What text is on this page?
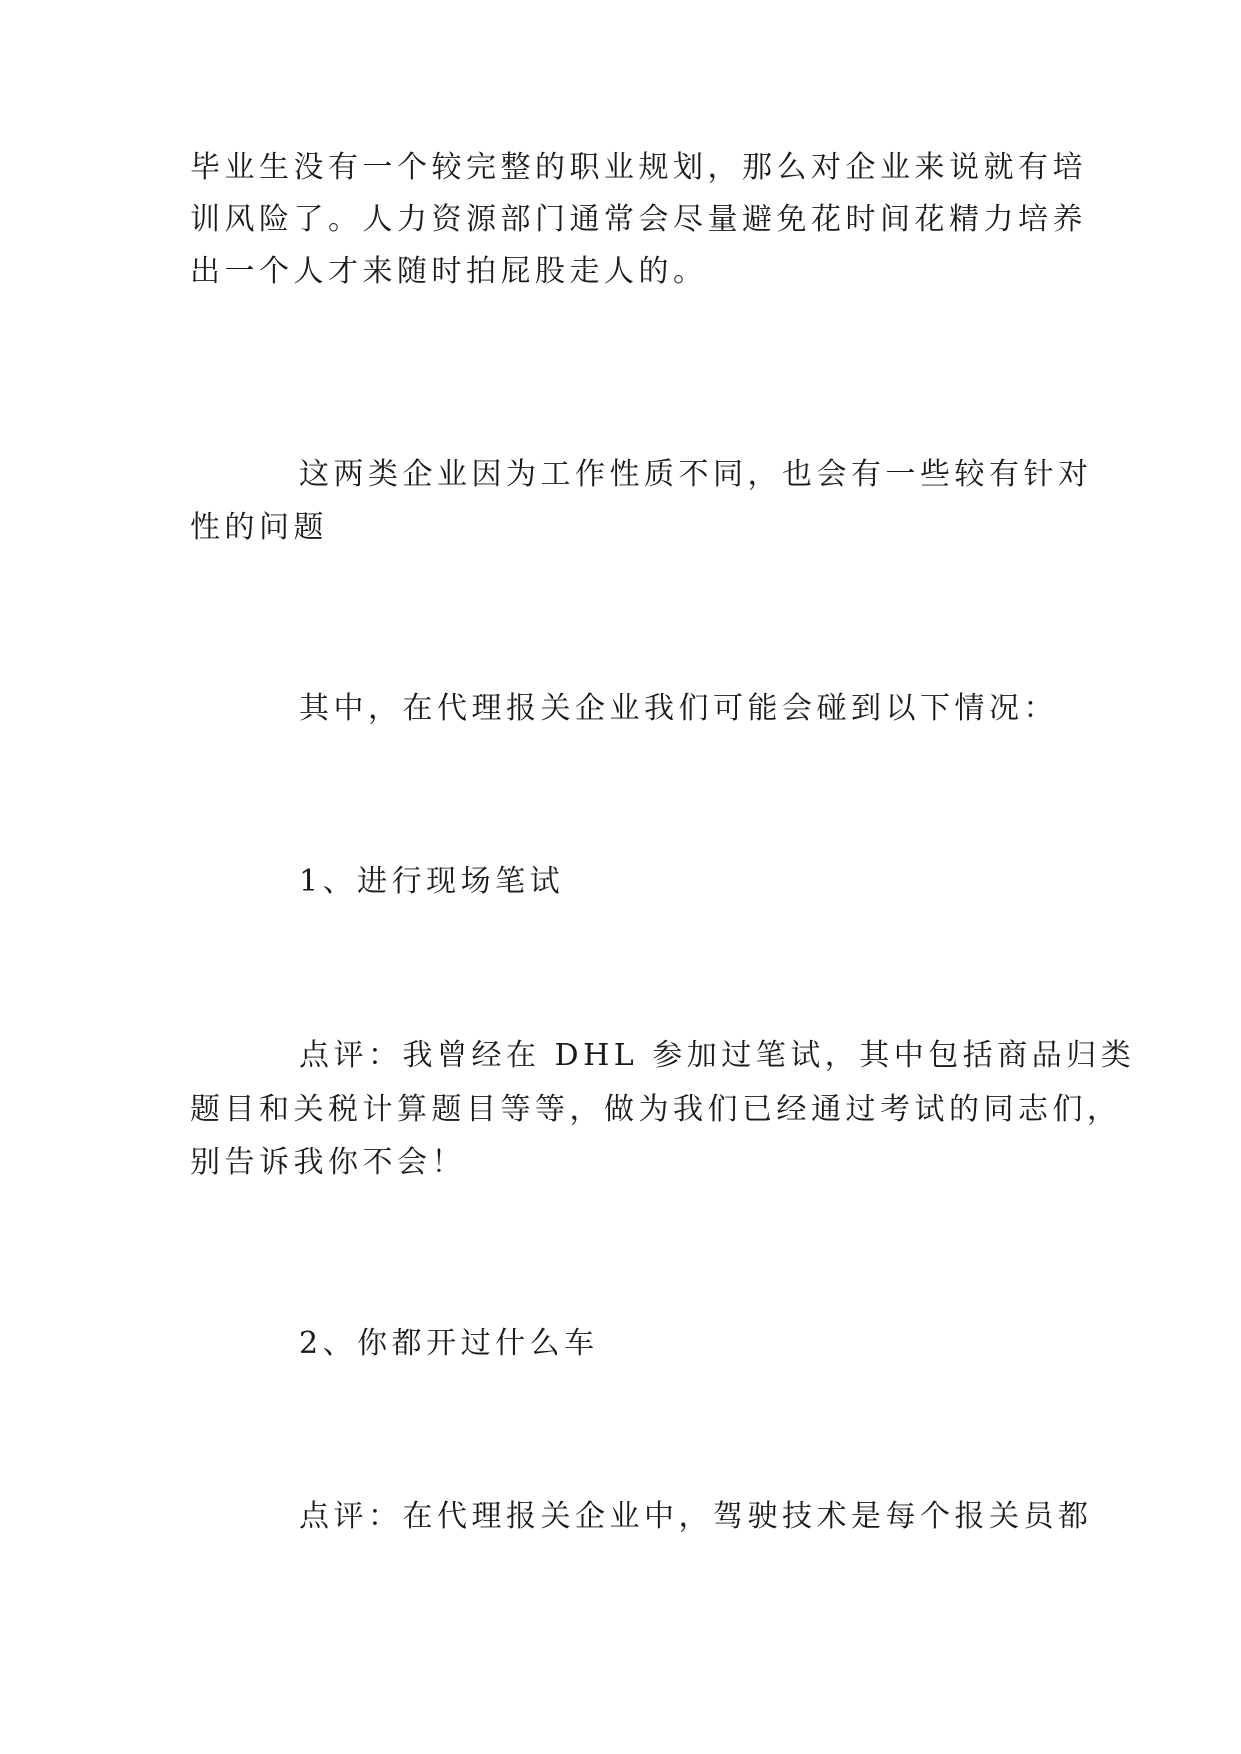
毕业生没有一个较完整的职业规划，那么对企业来说就有培
训风险了。人力资源部门通常会尽量避免花时间花精力培养
出一个人才来随时拍屁股走人的。
这两类企业因为工作性质不同，也会有一些较有针对
性的问题
其中，在代理报关企业我们可能会碰到以下情况：
1、进行现场笔试
点评：我曾经在 DHL 参加过笔试，其中包括商品归类
题目和关税计算题目等等，做为我们已经通过考试的同志们，
别告诉我你不会！
2、你都开过什么车
点评：在代理报关企业中，驾驶技术是每个报关员都
